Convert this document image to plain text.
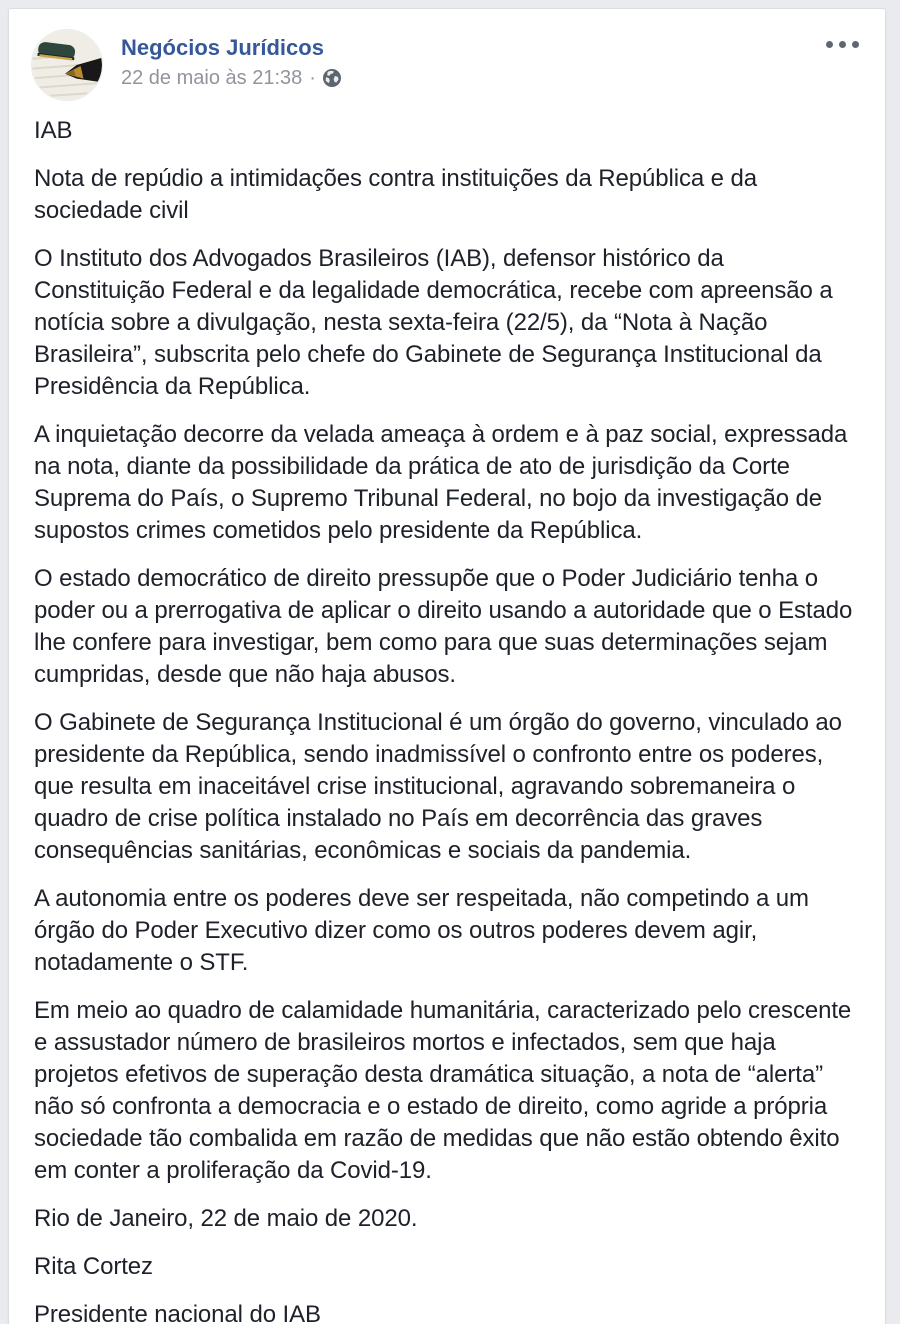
Negócios Jurídicos
22 de maio às 21:38 ·

IAB

Nota de repúdio a intimidações contra instituições da República e da sociedade civil

O Instituto dos Advogados Brasileiros (IAB), defensor histórico da Constituição Federal e da legalidade democrática, recebe com apreensão a notícia sobre a divulgação, nesta sexta-feira (22/5), da “Nota à Nação Brasileira”, subscrita pelo chefe do Gabinete de Segurança Institucional da Presidência da República.

A inquietação decorre da velada ameaça à ordem e à paz social, expressada na nota, diante da possibilidade da prática de ato de jurisdição da Corte Suprema do País, o Supremo Tribunal Federal, no bojo da investigação de supostos crimes cometidos pelo presidente da República.

O estado democrático de direito pressupõe que o Poder Judiciário tenha o poder ou a prerrogativa de aplicar o direito usando a autoridade que o Estado lhe confere para investigar, bem como para que suas determinações sejam cumpridas, desde que não haja abusos.

O Gabinete de Segurança Institucional é um órgão do governo, vinculado ao presidente da República, sendo inadmissível o confronto entre os poderes, que resulta em inaceitável crise institucional, agravando sobremaneira o quadro de crise política instalado no País em decorrência das graves consequências sanitárias, econômicas e sociais da pandemia.

A autonomia entre os poderes deve ser respeitada, não competindo a um órgão do Poder Executivo dizer como os outros poderes devem agir, notadamente o STF.

Em meio ao quadro de calamidade humanitária, caracterizado pelo crescente e assustador número de brasileiros mortos e infectados, sem que haja projetos efetivos de superação desta dramática situação, a nota de “alerta” não só confronta a democracia e o estado de direito, como agride a própria sociedade tão combalida em razão de medidas que não estão obtendo êxito em conter a proliferação da Covid-19.

Rio de Janeiro, 22 de maio de 2020.

Rita Cortez

Presidente nacional do IAB
